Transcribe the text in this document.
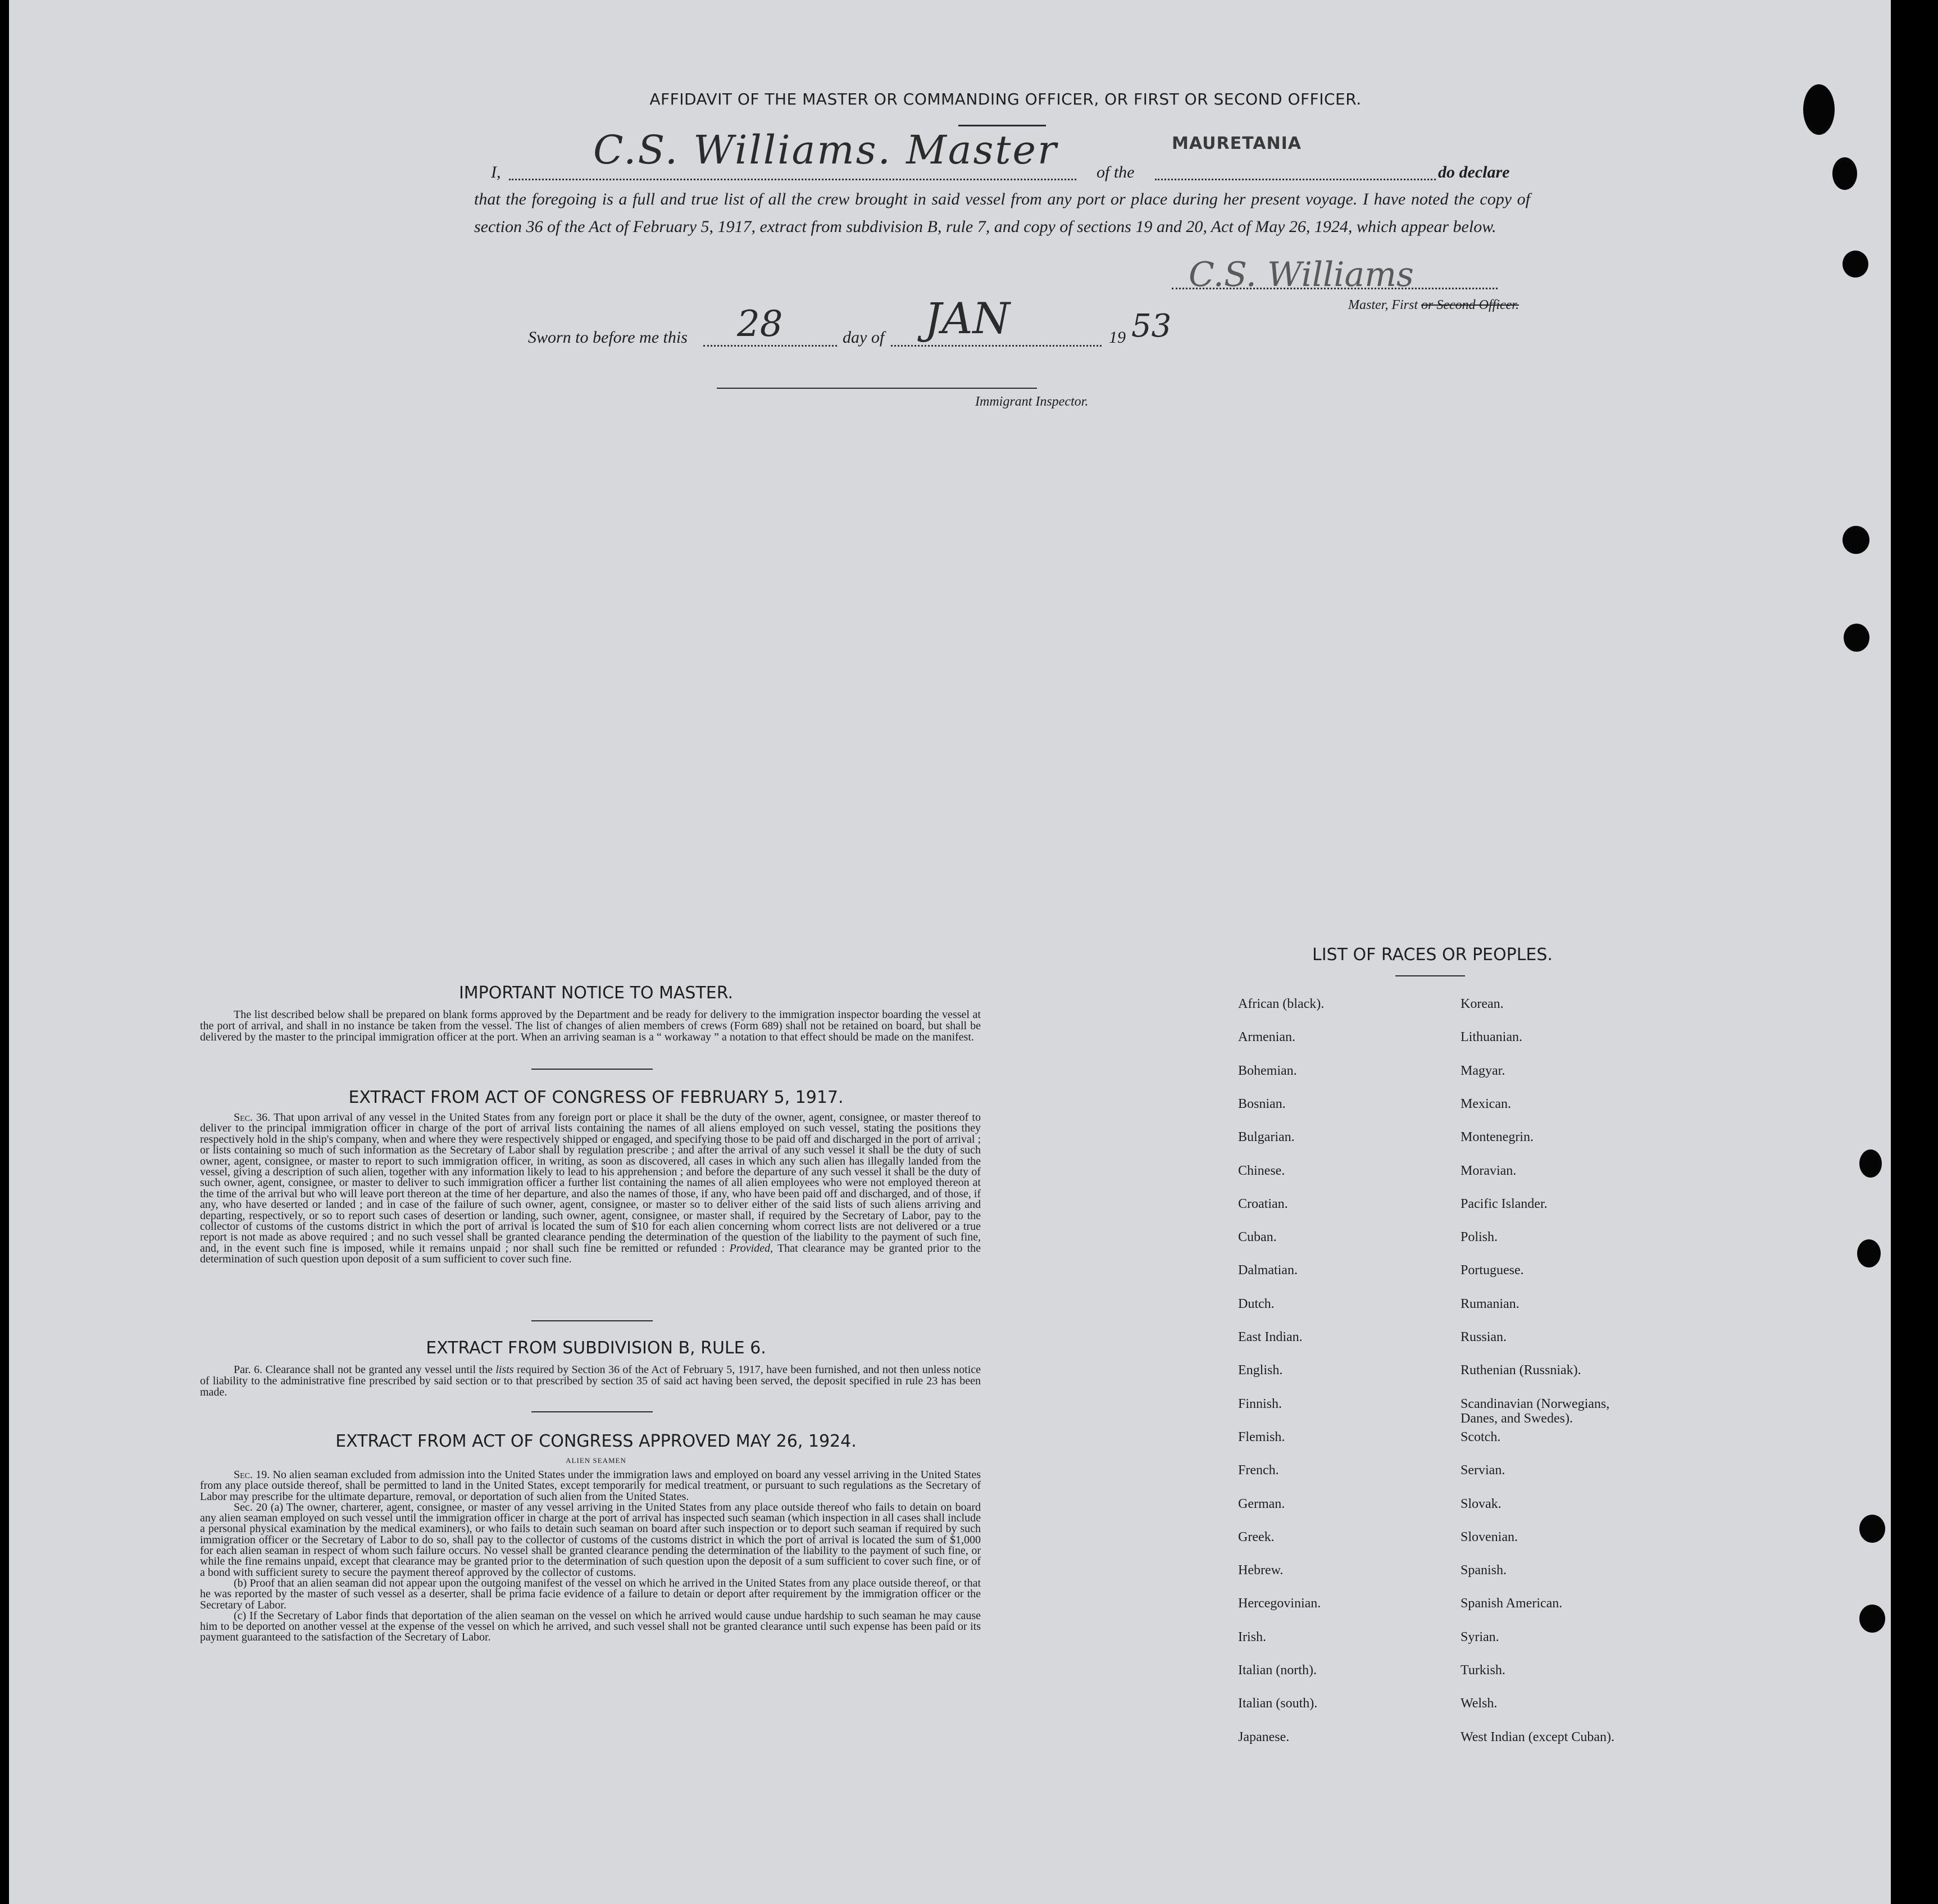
AFFIDAVIT OF THE MASTER OR COMMANDING OFFICER, OR FIRST OR SECOND OFFICER.
I, C.S. Williams. Master of the
MAURETANIA
do declare
that the foregoing is a full and true list of all the crew brought in said vessel from any port or place during her present voyage. I have noted the copy of section 36 of the Act of February 5, 1917, extract from subdivision B, rule 7, and copy of sections 19 and 20, Act of May 26, 1924, which appear below.
C.S. Williams
Master, First or Second Officer.
Sworn to before me this 28	day of JAN	19 53
Immigrant Inspector.
IMPORTANT NOTICE TO MASTER.
The list described below shall be prepared on blank forms approved by the Department and be ready for delivery to the immigration inspector boarding the vessel at the port of arrival, and shall in no instance be taken from the vessel. The list of changes of alien members of crews (Form 689) shall not be retained on board, but shall be delivered by the master to the principal immigration officer at the port. When an arriving seaman is a “ workaway ” a notation to that effect should be made on the manifest.
EXTRACT FROM ACT OF CONGRESS OF FEBRUARY 5, 1917.
Sec. 36. That upon arrival of any vessel in the United States from any foreign port or place it shall be the duty of the owner, agent, consignee, or master thereof to deliver to the principal immigration officer in charge of the port of arrival lists containing the names of all aliens employed on such vessel, stating the positions they respectively hold in the ship's company, when and where they were respectively shipped or engaged, and specifying those to be paid off and discharged in the port of arrival ; or lists containing so much of such information as the Secretary of Labor shall by regulation prescribe ; and after the arrival of any such vessel it shall be the duty of such owner, agent, consignee, or master to report to such immigration officer, in writing, as soon as discovered, all cases in which any such alien has illegally landed from the vessel, giving a description of such alien, together with any information likely to lead to his apprehension ; and before the departure of any such vessel it shall be the duty of such owner, agent, consignee, or master to deliver to such immigration officer a further list containing the names of all alien employees who were not employed thereon at the time of the arrival but who will leave port thereon at the time of her departure, and also the names of those, if any, who have been paid off and discharged, and of those, if any, who have deserted or landed ; and in case of the failure of such owner, agent, consignee, or master so to deliver either of the said lists of such aliens arriving and departing, respectively, or so to report such cases of desertion or landing, such owner, agent, consignee, or master shall, if required by the Secretary of Labor, pay to the collector of customs of the customs district in which the port of arrival is located the sum of $10 for each alien concerning whom correct lists are not delivered or a true report is not made as above required ; and no such vessel shall be granted clearance pending the determination of the question of the liability to the payment of such fine, and, in the event such fine is imposed, while it remains unpaid ; nor shall such fine be remitted or refunded : Provided, That clearance may be granted prior to the determination of such question upon deposit of a sum sufficient to cover such fine.
EXTRACT FROM SUBDIVISION B, RULE 6.
Par. 6. Clearance shall not be granted any vessel until the lists required by Section 36 of the Act of February 5, 1917, have been furnished, and not then unless notice of liability to the administrative fine prescribed by said section or to that prescribed by section 35 of said act having been served, the deposit specified in rule 23 has been made.
EXTRACT FROM ACT OF CONGRESS APPROVED MAY 26, 1924.
ALIEN SEAMEN
Sec. 19. No alien seaman excluded from admission into the United States under the immigration laws and employed on board any vessel arriving in the United States from any place outside thereof, shall be permitted to land in the United States, except temporarily for medical treatment, or pursuant to such regulations as the Secretary of Labor may prescribe for the ultimate departure, removal, or deportation of such alien from the United States.
Sec. 20 (a) The owner, charterer, agent, consignee, or master of any vessel arriving in the United States from any place outside thereof who fails to detain on board any alien seaman employed on such vessel until the immigration officer in charge at the port of arrival has inspected such seaman (which inspection in all cases shall include a personal physical examination by the medical examiners), or who fails to detain such seaman on board after such inspection or to deport such seaman if required by such immigration officer or the Secretary of Labor to do so, shall pay to the collector of customs of the customs district in which the port of arrival is located the sum of $1,000 for each alien seaman in respect of whom such failure occurs. No vessel shall be granted clearance pending the determination of the liability to the payment of such fine, or while the fine remains unpaid, except that clearance may be granted prior to the determination of such question upon the deposit of a sum sufficient to cover such fine, or of a bond with sufficient surety to secure the payment thereof approved by the collector of customs.
(b) Proof that an alien seaman did not appear upon the outgoing manifest of the vessel on which he arrived in the United States from any place outside thereof, or that he was reported by the master of such vessel as a deserter, shall be prima facie evidence of a failure to detain or deport after requirement by the immigration officer or the Secretary of Labor.
(c) If the Secretary of Labor finds that deportation of the alien seaman on the vessel on which he arrived would cause undue hardship to such seaman he may cause him to be deported on another vessel at the expense of the vessel on which he arrived, and such vessel shall not be granted clearance until such expense has been paid or its payment guaranteed to the satisfaction of the Secretary of Labor.
LIST OF RACES OR PEOPLES.
African (black).
Armenian.
Bohemian.
Bosnian.
Bulgarian.
Chinese.
Croatian.
Cuban.
Dalmatian.
Dutch.
East Indian.
English.
Finnish.
Flemish.
French.
German.
Greek.
Hebrew.
Hercegovinian.
Irish.
Italian (north).
Italian (south).
Japanese.
Korean.
Lithuanian.
Magyar.
Mexican.
Montenegrin.
Moravian.
Pacific Islander.
Polish.
Portuguese.
Rumanian.
Russian.
Ruthenian (Russniak).
Scandinavian (Norwegians, Danes, and Swedes).
Scotch.
Servian.
Slovak.
Slovenian.
Spanish.
Spanish American.
Syrian.
Turkish.
Welsh.
West Indian (except Cuban).
